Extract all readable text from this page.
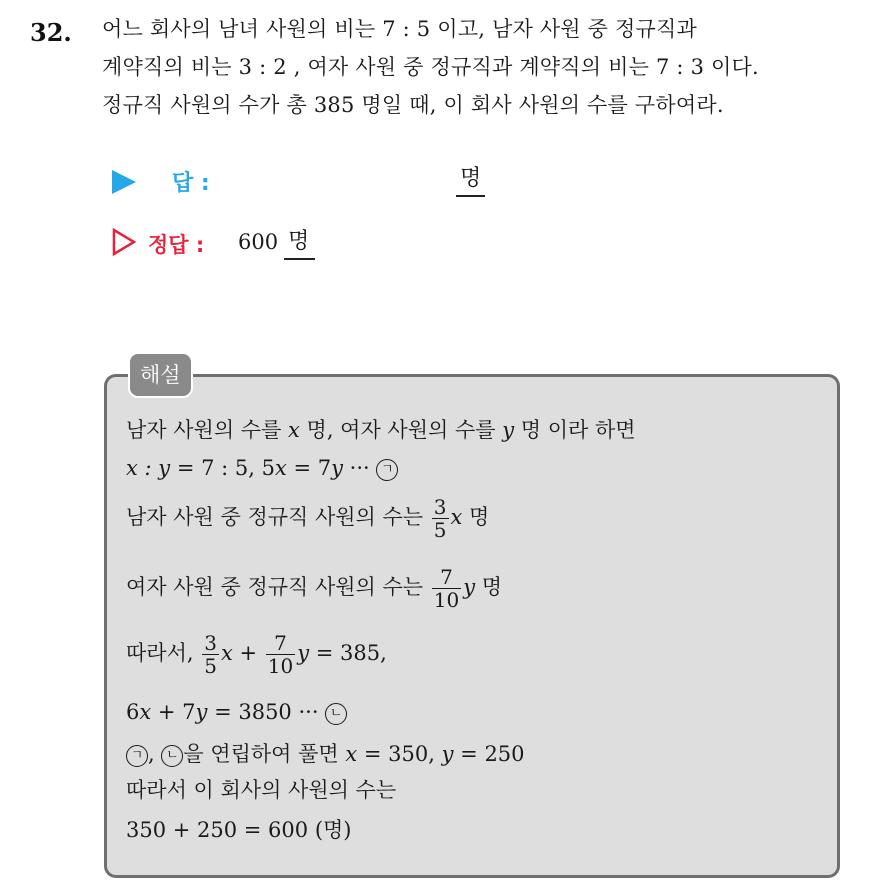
32. 어느 회사의 남녀 사원의 비는 7 : 5 이고, 남자 사원 중 정규직과
계약직의 비는 3 : 2 , 여자 사원 중 정규직과 계약직의 비는 7 : 3 이다.
정규직 사원의 수가 총 385 명일 때, 이 회사 사원의 수를 구하여라.
답 :	명
정답 : 600 명
해설
남자 사원의 수를 x 명, 여자 사원의 수를 y 명 이라 하면
x : y = 7 : 5, 5x = 7y ··· ㄱ
남자 사원 중 정규직 사원의 수는 $\frac{3}{5}$ x 명
여자 사원 중 정규직 사원의 수는 $\frac{7}{10}$ y 명
따라서, $\frac{3}{5}$ $x + \frac{7}{10}$ y = 385,
6x + 7y = 3850 ··· ㄴ
ㄱ , ㄴ 을 연립하여 풀면 x = 350, y = 250
따라서 이 회사의 사원의 수는
350 + 250 = 600 (명)
